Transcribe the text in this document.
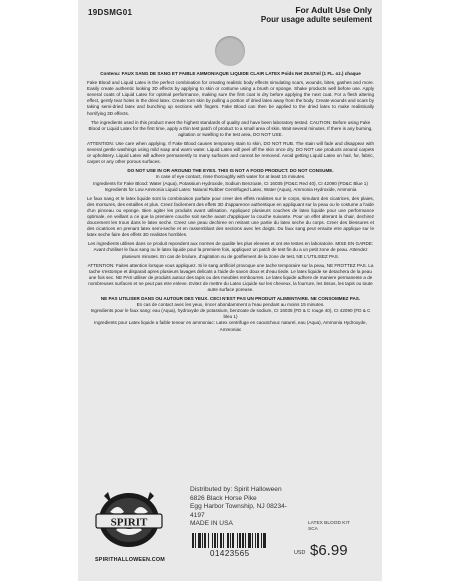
19DSMG01	For Adult Use Only
Pour usage adulte seulement

Contenu: FAUX SANG DE SANG ET FAIBLE AMMONIAQUE LIQUIDE CLAIR LATEX Poids Net 29.57ml (1 FL. oz.) chaque

Fake Blood and Liquid Latex is the perfect combination for creating realistic body effects simulating scars, wounds, bites, gashes and more. Easily create authentic looking 3D effects by applying to skin or costume using a brush or sponge. Shake products well before use. Apply several coats of Liquid Latex for optimal performance, making sure the first coat is dry before applying the next coat. For a flesh altering effect, gently tear holes in the dried latex. Create torn skin by pulling a portion of dried latex away from the body. Create wounds and scars by taking semi-dried latex and bunching up sections with fingers. Fake Blood can then be applied to the dried latex to make realistically horrifying 3D effects.

The ingredients used in this product meet the highest standards of quality and have been laboratory tested. CAUTION: Before using Fake Blood or Liquid Latex for the first time, apply a thin test patch of product to a small area of skin. Wait several minutes. If there is any burning, agitation or swelling to the test area, DO NOT USE.

ATTENTION: Use care when applying. If Fake Blood causes temporary stain to skin, DO NOT RUB. The stain will fade and disappear with several gentle washings using mild soap and warm water. Liquid Latex will peel off the skin once dry. DO NOT use products around carpets or upholstery. Liquid Latex will adhere permanently to many surfaces and cannot be removed. Avoid getting Liquid Latex on hair, fur, fabric, carpet or any other porous surfaces.

DO NOT USE IN OR AROUND THE EYES. THIS IS NOT A FOOD PRODUCT. DO NOT CONSUME.

In case of eye contact, rinse thoroughly with water for at least 15 minutes.

Ingredients for Fake Blood: Water (Aqua), Potassium Hydroxide, Sodium Benzoate, CI 16035 (FD&C Red 40), CI 42090 (FD&C Blue 1)

Ingredients for Low Ammonia Liquid Latex: Natural Rubber Centrifuged Latex, Water (Aqua), Ammonia Hydroxide, Ammonia

Le faux sang et le latex liquide sont la combinaison parfaite pour creer des effets realistes sur le corps, simulant des cicatrices, des plaies, des morsures, des entailles et plus. Creez facilement des effets 3D d'apparence authentique en appliquant sur la peau ou le costume a l'aide d'un pinceau ou eponge. Bien agiter les produits avant utilisation. Appliquez plusieurs couches de latex liquide pour une performance optimale, en veillant a ce que la premiere couche soit seche avant d'appliquer la couche suivante. Pour un effet alterant la chair, dechirez doucement les trous dans le latex seche. Creez une peau dechiree en retirant une partie du latex seche du corps. Creer des blessures et des cicatrices en prenant latex semi-seche et en rassemblant des sections avec les doigts. Du faux sang peut ensuite etre applique sur le latex seche faire des effets 3D realistes horribles.

Les ingredients utilises dans ce produit repondent aux normes de qualite les plus elevees et ont ete testes en laboratoire. MISE EN GARDE: Avant d'utiliser le faux sang ou le latex liquide pour la premiere fois, appliquez un patch de test fin du a un petit zone de peau. Attendez plusieurs minutes. En cas de brulure, d'agitation ou de gonflement de la zone de test, NE L'UTILISEZ PAS.

ATTENTION: Faites attention lorsque vous appliquez. Si le sang artificiel provoque une tache temporaire sur la peau, NE FROTTEZ PAS. La tache s'estompe et disparait apres plusieurs lavages delicats a l'aide de savon doux et d'eau tiede. Le latex liquide se detachera de la peau une fois sec. NE PAS utiliser de produits autour des tapis ou des meubles rembourres. Le latex liquide adhere de maniere permanente a de nombreuses surfaces et ne peut pas etre enleve. Evitez de mettre du Latex Liquide sur les cheveux, la fourrure, les tissus, les tapis ou toute autre surface poreuse.

NE PAS UTILISER DANS OU AUTOUR DES YEUX. CECI N'EST PAS UN PRODUIT ALIMENTAIRE. NE CONSOMMEZ PAS.

En cas de contact avec les yeux, rincer abondamment a l'eau pendant au moins 15 minutes.

Ingredients pour le faux sang: eau (Aqua), hydroxyde de potassium, benzoate de sodium, CI 16035 (FD & C rouge 40), CI 42090 (FD & C bleu 1)

Ingredients pour Latex liquide a faible teneur en ammoniac: Latex centrifuge en caoutchouc naturel, eau (Aqua), Ammonia Hydroxyde, Ammoniac

SPIRIT
SPIRITHALLOWEEN.COM
Distributed by: Spirit Halloween
6826 Black Horse Pike
Egg Harbor Township, NJ 08234-4197
MADE IN USA	LATEX BLOOD KIT
SCA
01423565	USD $6.99
